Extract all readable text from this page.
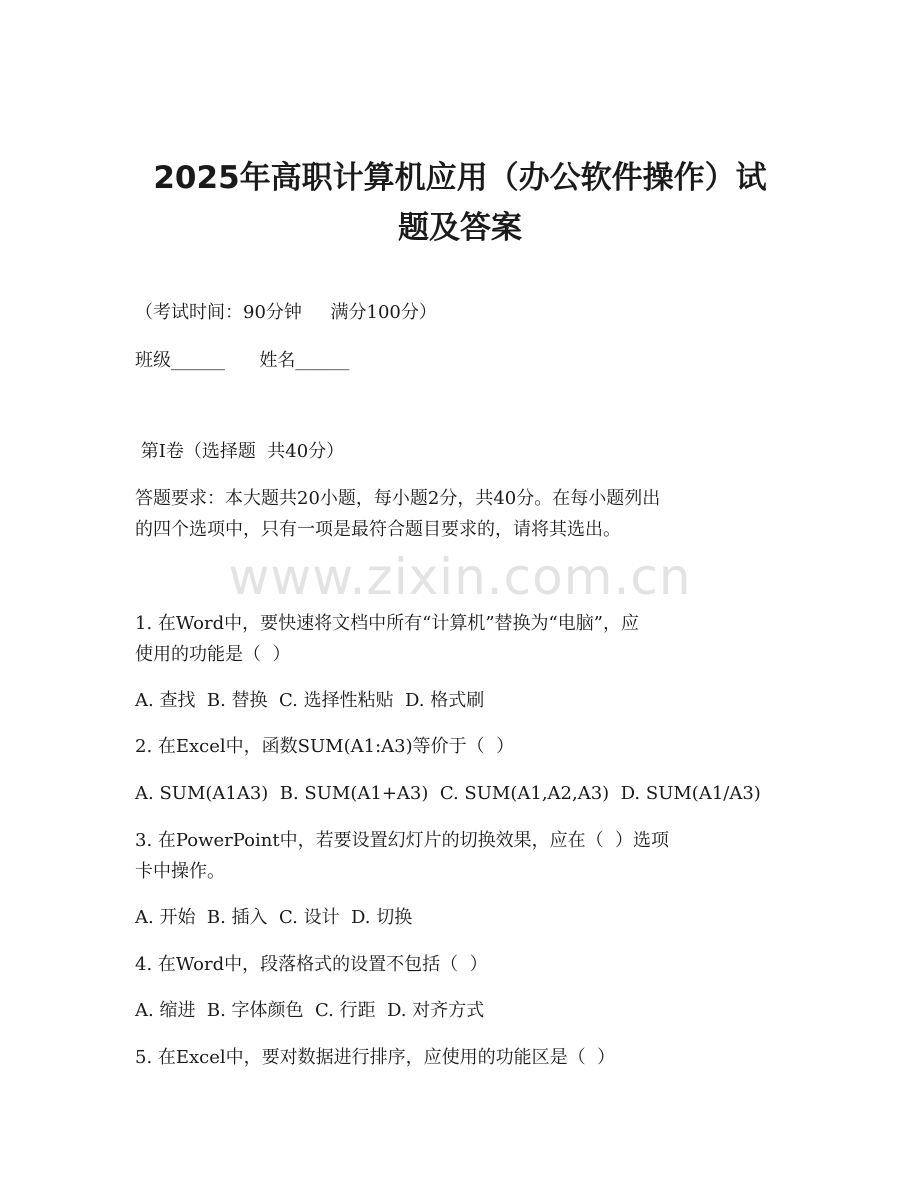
2025年高职计算机应用（办公软件操作）试
题及答案
（考试时间：90分钟     满分100分）
班级______      姓名______
第I卷（选择题  共40分）
答题要求：本大题共20小题，每小题2分，共40分。在每小题列出
的四个选项中，只有一项是最符合题目要求的，请将其选出。
www.zixin.com.cn
1. 在Word中，要快速将文档中所有“计算机”替换为“电脑”，应
使用的功能是（  ）
A. 查找  B. 替换  C. 选择性粘贴  D. 格式刷
2. 在Excel中，函数SUM(A1:A3)等价于（  ）
A. SUM(A1A3)  B. SUM(A1+A3)  C. SUM(A1,A2,A3)  D. SUM(A1/A3)
3. 在PowerPoint中，若要设置幻灯片的切换效果，应在（  ）选项
卡中操作。
A. 开始  B. 插入  C. 设计  D. 切换
4. 在Word中，段落格式的设置不包括（  ）
A. 缩进  B. 字体颜色  C. 行距  D. 对齐方式
5. 在Excel中，要对数据进行排序，应使用的功能区是（  ）
